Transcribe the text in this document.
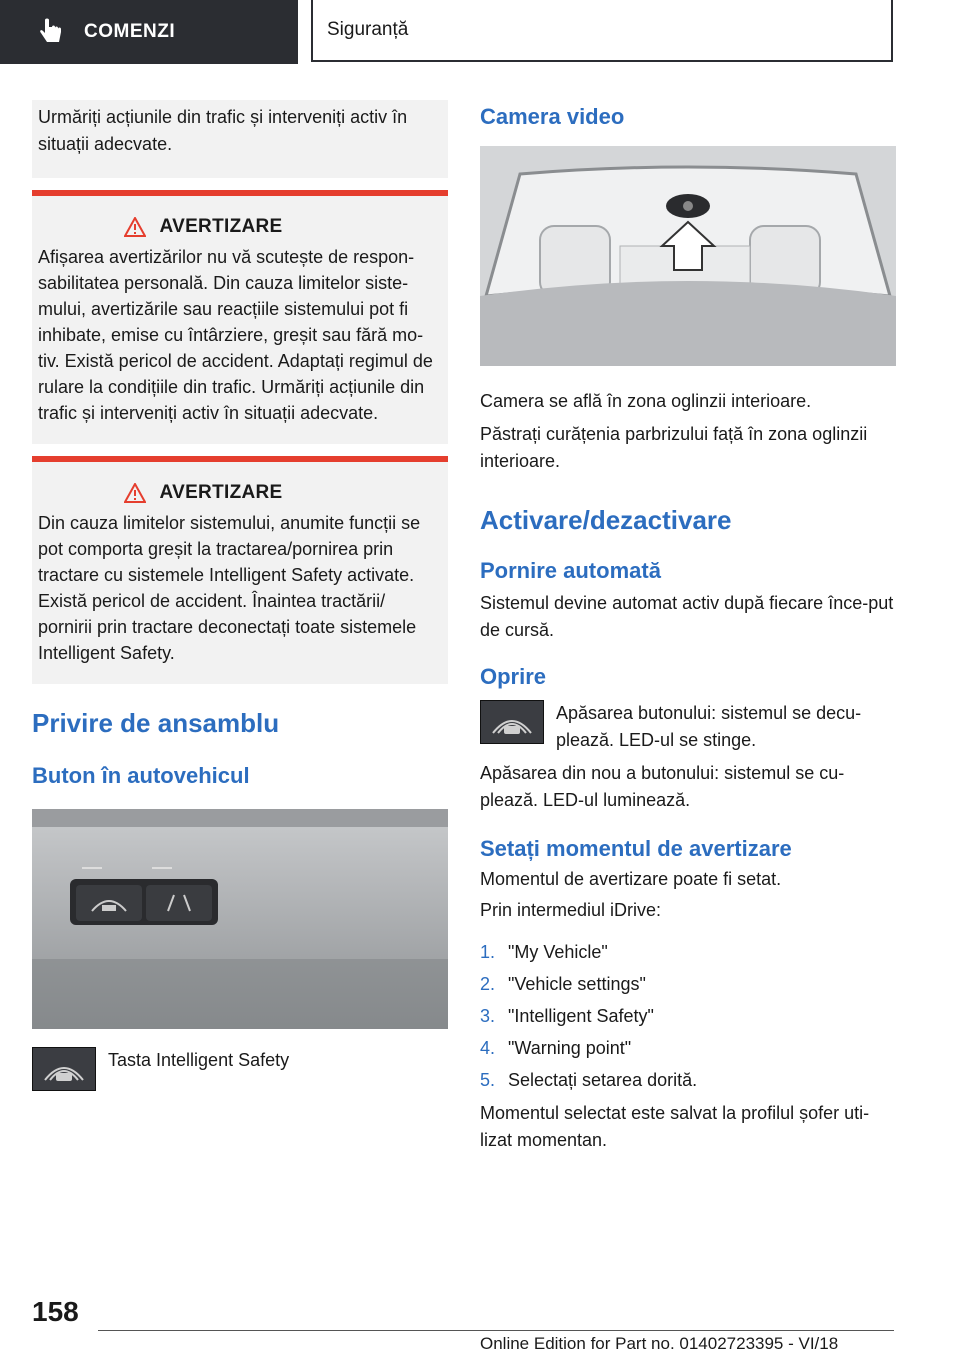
COMENZI	Siguranță

Urmăriți acțiunile din trafic și interveniți activ în situații adecvate.

AVERTIZARE

Afișarea avertizărilor nu vă scutește de respon-sabilitatea personală. Din cauza limitelor siste-mului, avertizările sau reacțiile sistemului pot fi inhibate, emise cu întârziere, greșit sau fără mo-tiv. Există pericol de accident. Adaptați regimul de rulare la condițiile din trafic. Urmăriți acțiunile din trafic și interveniți activ în situații adecvate.

AVERTIZARE

Din cauza limitelor sistemului, anumite funcții se pot comporta greșit la tractarea/pornirea prin tractare cu sistemele Intelligent Safety activate. Există pericol de accident. Înaintea tractării/ pornirii prin tractare deconectați toate sistemele Intelligent Safety.

Privire de ansamblu
Buton în autovehicul
Tasta Intelligent Safety
Camera video

Camera se află în zona oglinzii interioare.

Păstrați curățenia parbrizului față în zona oglinzii interioare.

Activare/dezactivare
Pornire automată

Sistemul devine automat activ după fiecare înce-put de cursă.

Oprire
Apăsarea butonului: sistemul se decu-plează. LED-ul se stinge.

Apăsarea din nou a butonului: sistemul se cu-plează. LED-ul luminează.

Setați momentul de avertizare

Momentul de avertizare poate fi setat.

Prin intermediul iDrive:

1. "My Vehicle"
2. "Vehicle settings"
3. "Intelligent Safety"
4. "Warning point"
5. Selectați setarea dorită.

Momentul selectat este salvat la profilul șofer uti-lizat momentan.

158
Online Edition for Part no. 01402723395 - VI/18
